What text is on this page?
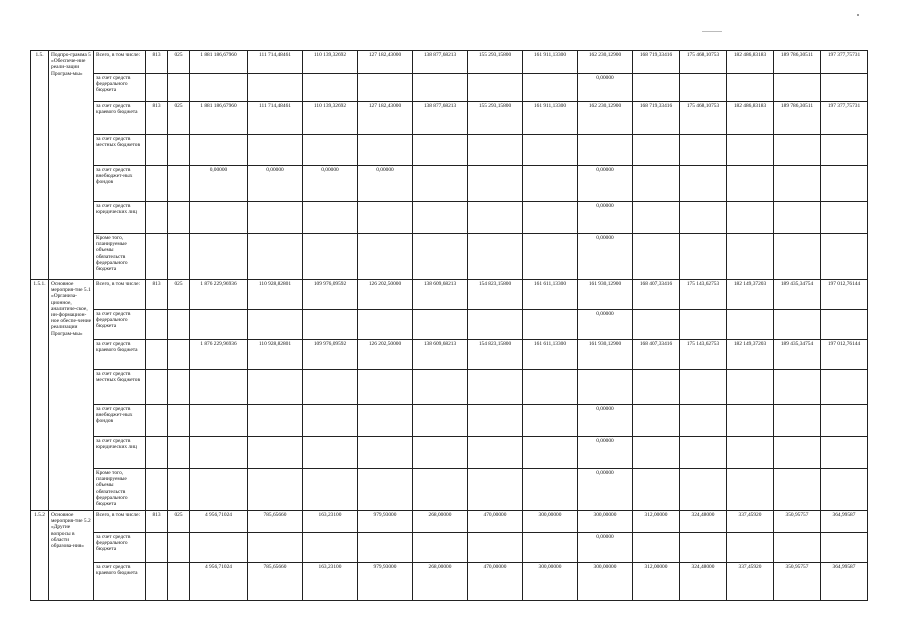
1.5.	Подпро-грамма 5 «Обеспече-ние реали-зации Програм-мы»	Всего, в том числе:	813	025	1 881 186,67960	111 714,48461	110 139,32692	127 182,43000	138 877,68213	155 293,15800	161 911,13300	162 230,12900	168 719,33416	175 468,10753	182 486,83183	189 786,30511	197 377,75731
		за счет средств федерального бюджета										0,00000					
		за счет средств краевого бюджета	813	025	1 881 186,67960	111 714,48461	110 139,32692	127 182,43000	138 877,68213	155 293,15800	161 911,13300	162 230,12900	168 719,33416	175 468,10753	182 486,83183	189 786,30511	197 377,75731
		за счет средств местных бюджетов															
		за счет средств внебюджет-ных фондов			0,00000	0,00000	0,00000	0,00000				0,00000					
		за счет средств юридических лиц										0,00000					
		Кроме того, планируемые объемы обязательств федерального бюджета										0,00000					
1.5.1.	Основное мероприя-тие 5.1 «Организа-ционное, аналитиче-ское, ин-формацион-ное обеспе-чение реализации Програм-мы»	Всего, в том числе:	813	025	1 876 229,96936	110 928,82801	109 976,09592	126 202,50000	138 609,68213	154 823,15800	161 611,13300	161 930,12900	168 407,33416	175 143,62753	182 149,37203	189 435,34754	197 012,76144
		за счет средств федерального бюджета										0,00000					
		за счет средств краевого бюджета			1 876 229,96936	110 928,82801	109 976,09592	126 202,50000	138 609,68213	154 823,15800	161 611,13300	161 930,12900	168 407,33416	175 143,62753	182 149,37203	189 435,34754	197 012,76144
		за счет средств местных бюджетов															
		за счет средств внебюджет-ных фондов										0,00000					
		за счет средств юридических лиц										0,00000					
		Кроме того, планируемые объемы обязательств федерального бюджета										0,00000					
1.5.2	Основное мероприя-тие 5.2 «Другие вопросы в области образова-ния»	Всего, в том числе:	813	025	4 956,71024	785,65660	163,23100	979,93000	268,00000	470,00000	300,00000	300,00000	312,00000	324,48000	337,45920	350,95757	364,99587
		за счет средств федерального бюджета										0,00000					
		за счет средств краевого бюджета			4 956,71024	785,65660	163,23100	979,93000	268,00000	470,00000	300,00000	300,00000	312,00000	324,48000	337,45920	350,95757	364,99587
